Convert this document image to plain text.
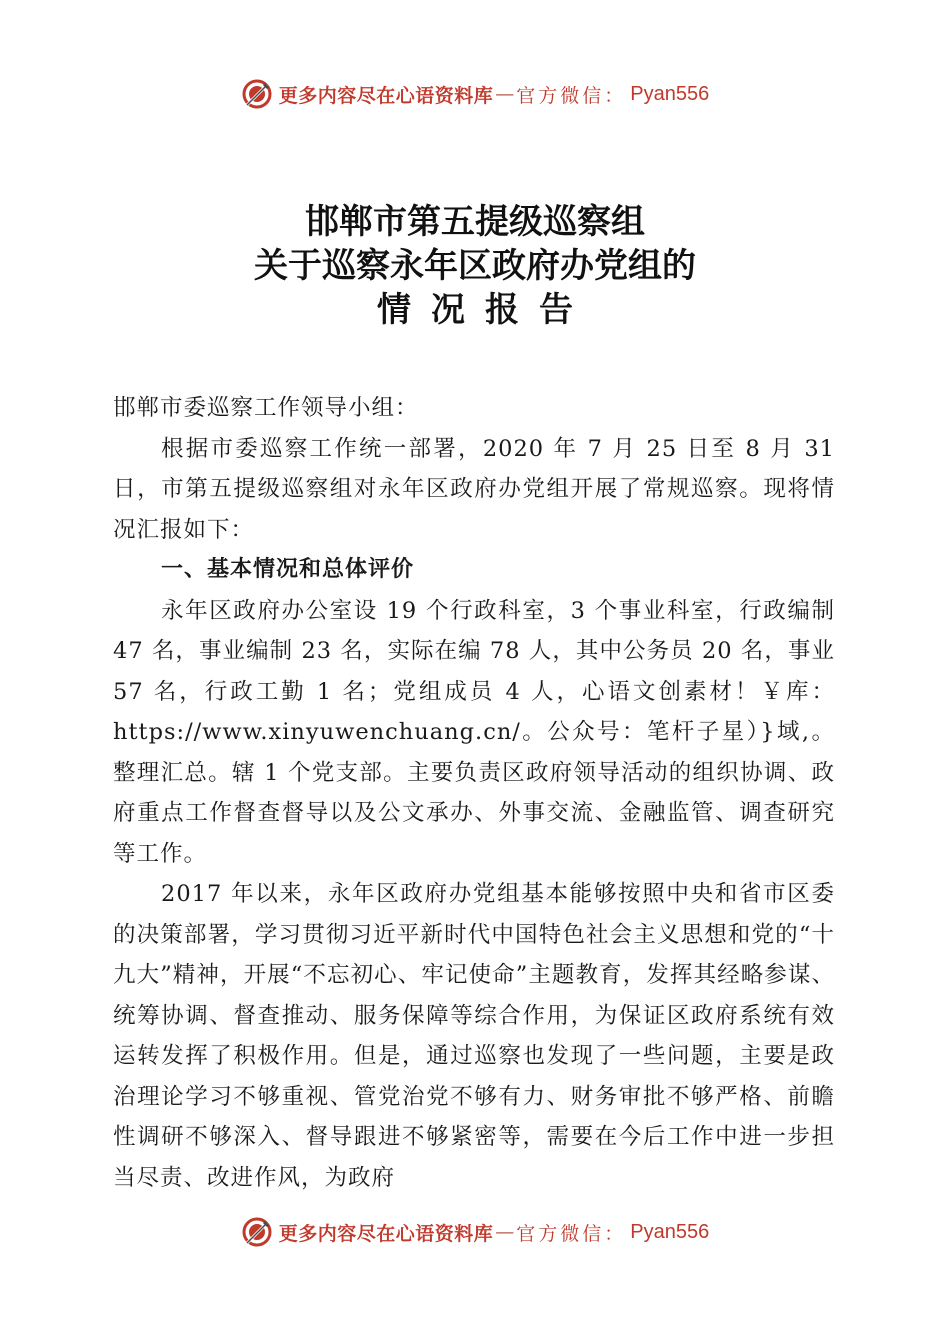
更多内容尽在心语资料库 — 官方微信： Pyan556
邯郸市第五提级巡察组
关于巡察永年区政府办党组的
情况报告

邯郸市委巡察工作领导小组：

根据市委巡察工作统一部署，2020 年 7 月 25 日至 8 月 31 日，市第五提级巡察组对永年区政府办党组开展了常规巡察。现将情况汇报如下：

一、基本情况和总体评价

永年区政府办公室设 19 个行政科室，3 个事业科室，行政编制 47 名，事业编制 23 名，实际在编 78 人，其中公务员 20 名，事业 57 名，行政工勤 1 名；党组成员 4 人，心语文创素材！￥库：https://www.xinyuwenchuang.cn/。公众号：笔杆子星）}域,。整理汇总。辖 1 个党支部。主要负责区政府领导活动的组织协调、政府重点工作督查督导以及公文承办、外事交流、金融监管、调查研究等工作。

2017 年以来，永年区政府办党组基本能够按照中央和省市区委的决策部署，学习贯彻习近平新时代中国特色社会主义思想和党的“十九大”精神，开展“不忘初心、牢记使命”主题教育，发挥其经略参谋、统筹协调、督查推动、服务保障等综合作用，为保证区政府系统有效运转发挥了积极作用。但是，通过巡察也发现了一些问题，主要是政治理论学习不够重视、管党治党不够有力、财务审批不够严格、前瞻性调研不够深入、督导跟进不够紧密等，需要在今后工作中进一步担当尽责、改进作风，为政府

更多内容尽在心语资料库 — 官方微信： Pyan556
